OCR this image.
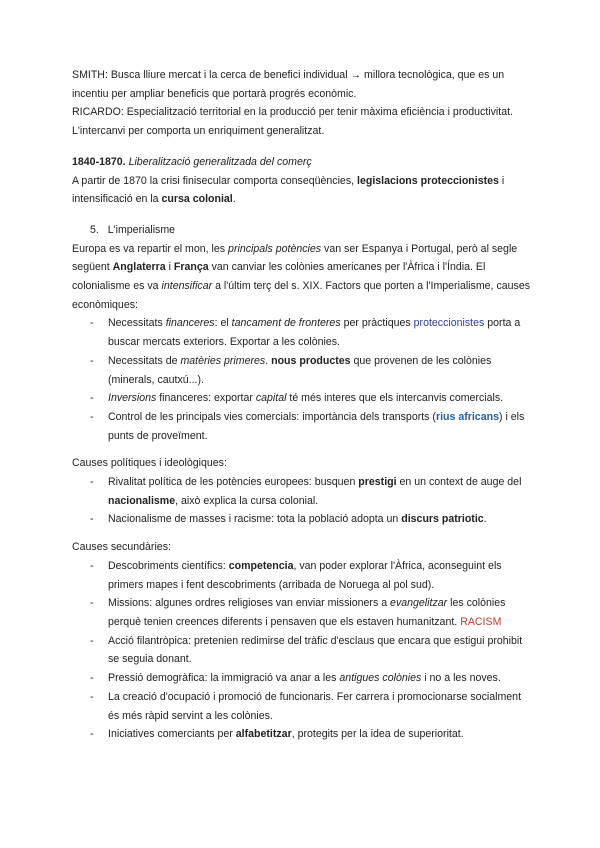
SMITH: Busca lliure mercat i la cerca de benefici individual → millora tecnològica, que es un incentiu per ampliar beneficis que portarà progrés econòmic.

RICARDO: Especialització territorial en la producció per tenir màxima eficiència i productivitat. L'intercanvi per comporta un enriquiment generalitzat.

1840-1870. Liberalització generalitzada del comerç

A partir de 1870 la crisi finisecular comporta conseqüències, legislacions proteccionistes i intensificació en la cursa colonial.

5. L'imperialisme

Europa es va repartir el mon, les principals potències van ser Espanya i Portugal, però al segle següent Anglaterra i França van canviar les colònies americanes per l'Àfrica i l'Índia. El colonialisme es va intensificar a l'últim terç del s. XIX. Factors que porten a l'Imperialisme, causes econòmiques:

- Necessitats financeres: el tancament de fronteres per pràctiques proteccionistes porta a buscar mercats exteriors. Exportar a les colònies.
- Necessitats de matèries primeres. nous productes que provenen de les colònies (minerals, cautxú...).
- Inversions financeres: exportar capital té més interes que els intercanvis comercials.
- Control de les principals vies comercials: importància dels transports (rius africans) i els punts de proveïment.

Causes polítiques i ideològiques:

- Rivalitat política de les potències europees: busquen prestigi en un context de auge del nacionalisme, això explica la cursa colonial.
- Nacionalisme de masses i racisme: tota la població adopta un discurs patriotic.

Causes secundàries:

- Descobriments científics: competencia, van poder explorar l'Àfrica, aconseguint els primers mapes i fent descobriments (arribada de Noruega al pol sud).
- Missions: algunes ordres religioses van enviar missioners a evangelitzar les colònies perquè tenien creences diferents i pensaven que els estaven humanitzant. RACISM
- Acció filantròpica: pretenien redimirse del tràfic d'esclaus que encara que estigui prohibit se seguia donant.
- Pressió demogràfica: la immigració va anar a les antigues colònies i no a les noves.
- La creació d'ocupació i promoció de funcionaris. Fer carrera i promocionarse socialment és més ràpid servint a les colònies.
- Iniciatives comerciants per alfabetitzar, protegits per la idea de superioritat.
